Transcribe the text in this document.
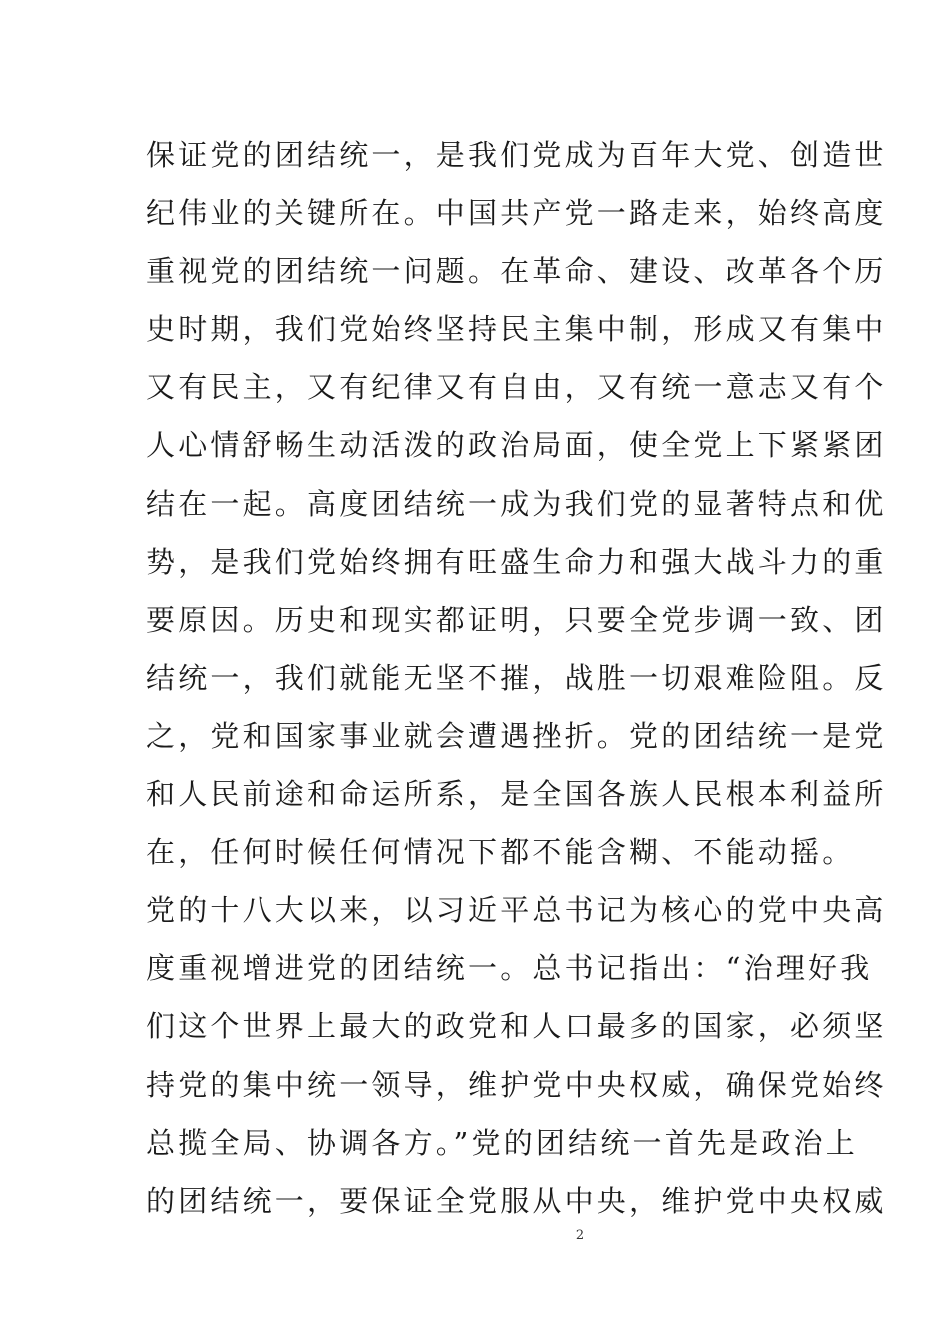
保证党的团结统一，是我们党成为百年大党、创造世
纪伟业的关键所在。中国共产党一路走来，始终高度
重视党的团结统一问题。在革命、建设、改革各个历
史时期，我们党始终坚持民主集中制，形成又有集中
又有民主，又有纪律又有自由，又有统一意志又有个
人心情舒畅生动活泼的政治局面，使全党上下紧紧团
结在一起。高度团结统一成为我们党的显著特点和优
势，是我们党始终拥有旺盛生命力和强大战斗力的重
要原因。历史和现实都证明，只要全党步调一致、团
结统一，我们就能无坚不摧，战胜一切艰难险阻。反
之，党和国家事业就会遭遇挫折。党的团结统一是党
和人民前途和命运所系，是全国各族人民根本利益所
在，任何时候任何情况下都不能含糊、不能动摇。
党的十八大以来，以习近平总书记为核心的党中央高
度重视增进党的团结统一。总书记指出：“治理好我
们这个世界上最大的政党和人口最多的国家，必须坚
持党的集中统一领导，维护党中央权威，确保党始终
总揽全局、协调各方。”党的团结统一首先是政治上
的团结统一，要保证全党服从中央，维护党中央权威
2
